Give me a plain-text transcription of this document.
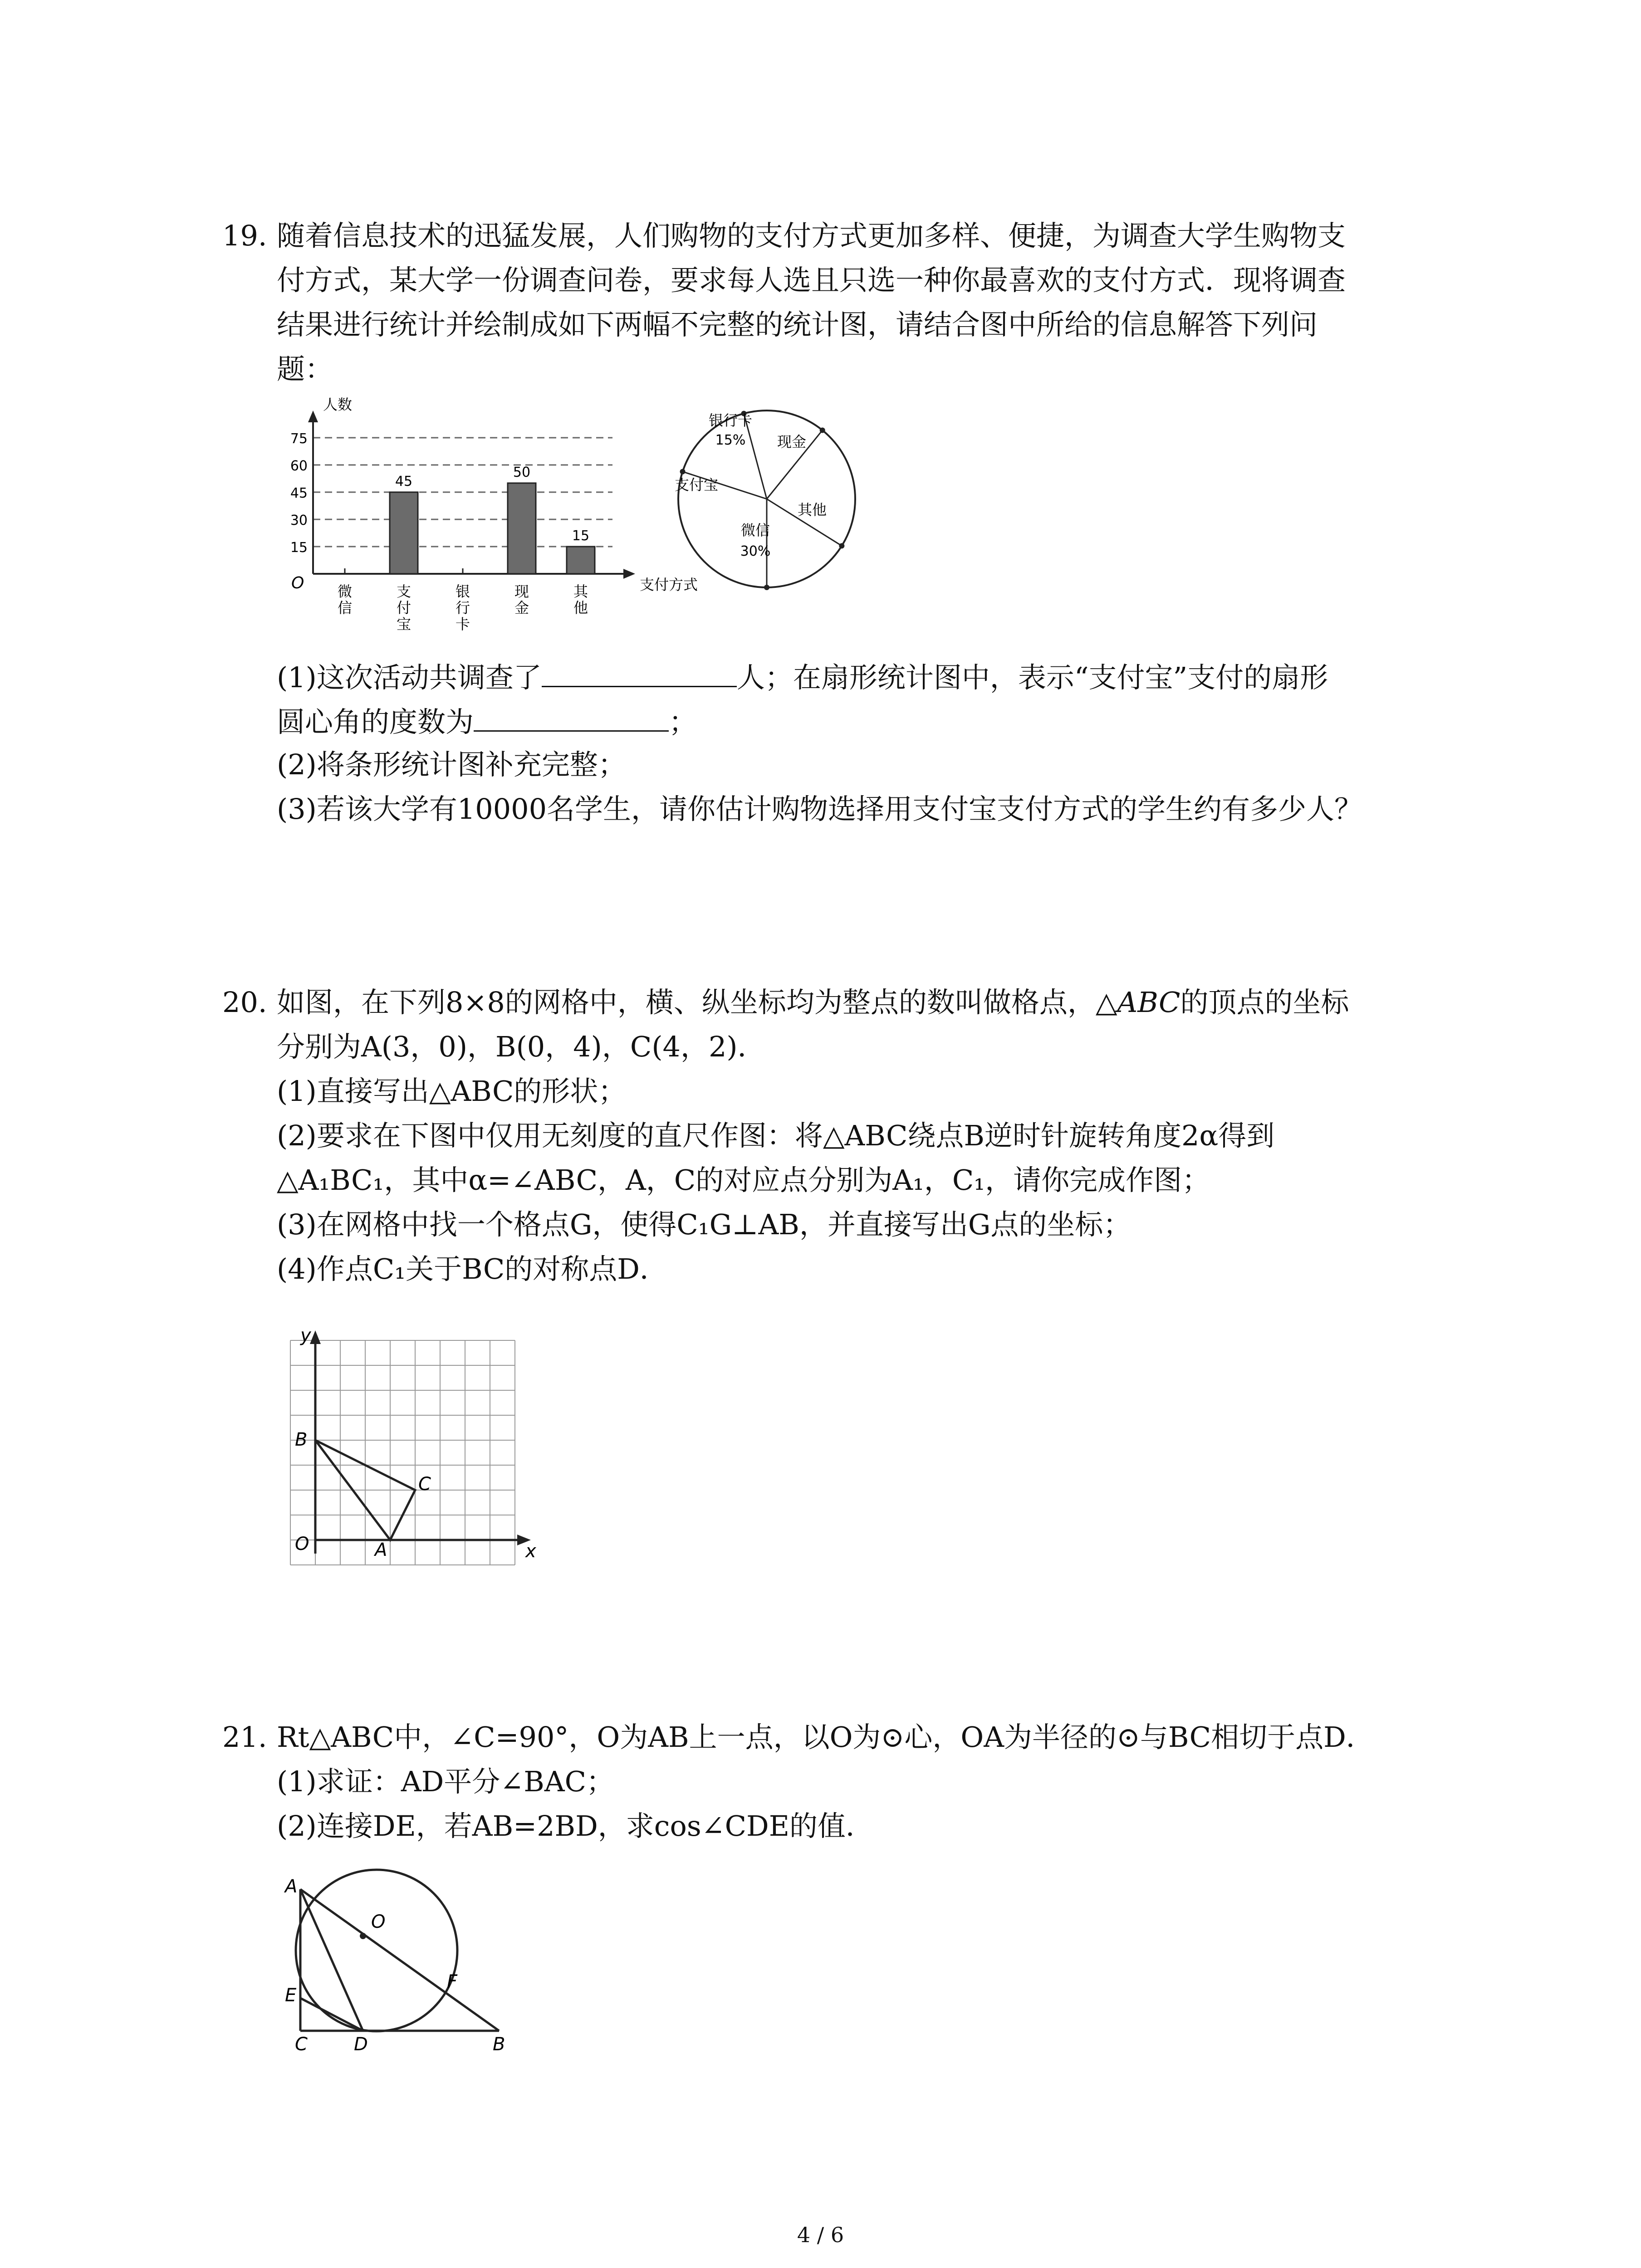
19. 随着信息技术的迅猛发展，人们购物的支付方式更加多样、便捷，为调查大学生购物支
付方式，某大学一份调查问卷，要求每人选且只选一种你最喜欢的支付方式．现将调查
结果进行统计并绘制成如下两幅不完整的统计图，请结合图中所给的信息解答下列问
题：
15
30
45
60
75
人数
支付方式
O 微
信
45
支
付
宝
银
行
卡
50
现
金
15
其
他
银行卡
15% 现金
其他
微信
30%
支付宝
(1)这次活动共调查了	人；在扇形统计图中，表示“支付宝”支付的扇形
圆心角的度数为	；
(2)将条形统计图补充完整；
(3)若该大学有10000名学生，请你估计购物选择用支付宝支付方式的学生约有多少人？
20. 如图，在下列8×8的网格中，横、纵坐标均为整点的数叫做格点，△ABC的顶点的坐标
分别为A(3，0)，B(0，4)，C(4，2)．
(1)直接写出△ABC的形状；
(2)要求在下图中仅用无刻度的直尺作图：将△ABC绕点B逆时针旋转角度2α得到
△A₁BC₁，其中α=∠ABC，A，C的对应点分别为A₁，C₁，请你完成作图；
(3)在网格中找一个格点G，使得C₁G⊥AB，并直接写出G点的坐标；
(4)作点C₁关于BC的对称点D．
y
x
B
C
O	A
21. Rt△ABC中，∠C=90°，O为AB上一点，以O为⊙心，OA为半径的⊙与BC相切于点D．
(1)求证：AD平分∠BAC；
(2)连接DE，若AB=2BD，求cos∠CDE的值．
A
O
E
F
C	D	B
4 / 6
